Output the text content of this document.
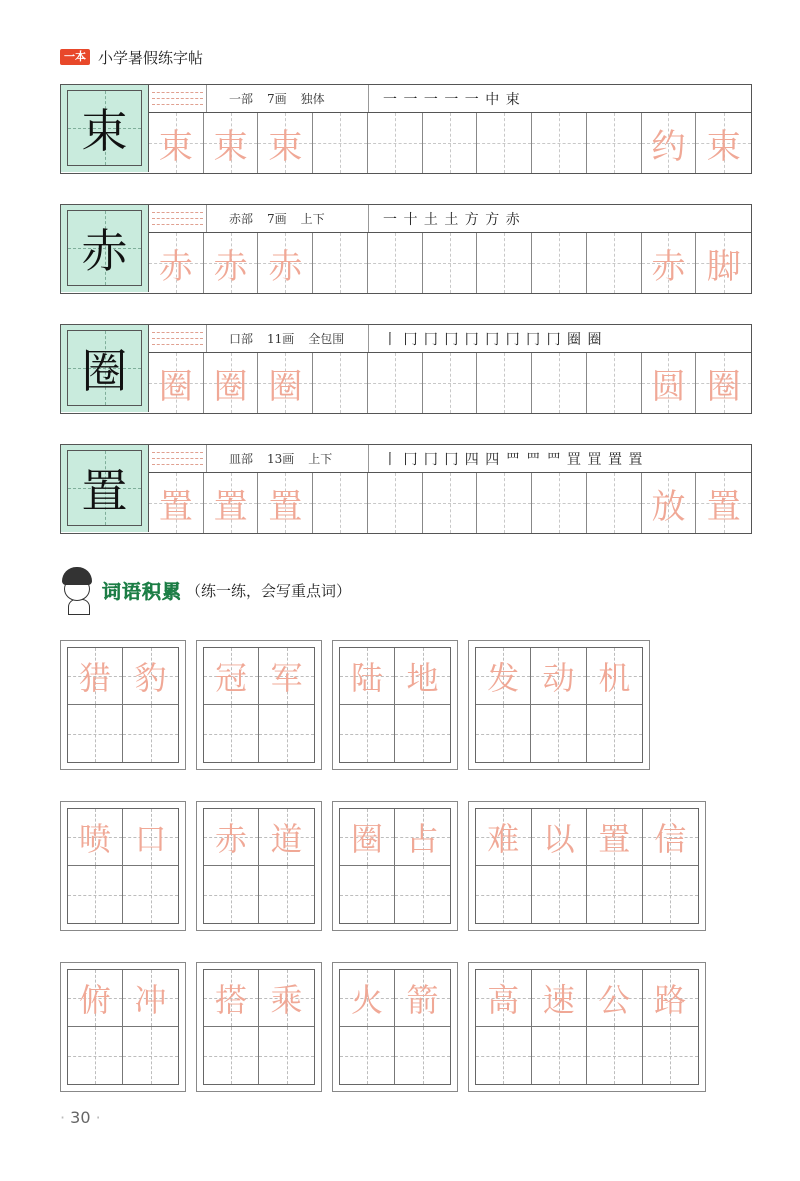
一本 小学暑假练字帖
束
一部 7画 独体	一 一 一 一 一 中 束
束 束 束	约 束
赤
赤部 7画 上下	一 十 土 土 方 方 赤
赤 赤 赤	赤 脚
圈
口部 11画 全包围	丨 冂 冂 冂 冂 冂 冂 冂 冂 圈 圈
圈 圈 圈	圆 圈
置
皿部 13画 上下	丨 冂 冂 冂 四 四 罒 罒 罒 罝 罝 置 置
置 置 置	放 置
词语积累 （练一练，会写重点词）
猎 豹	冠 军	陆 地	发 动 机
喷 口	赤 道	圈 占	难 以 置 信
俯 冲	搭 乘	火 箭	高 速 公 路
· 30 ·
